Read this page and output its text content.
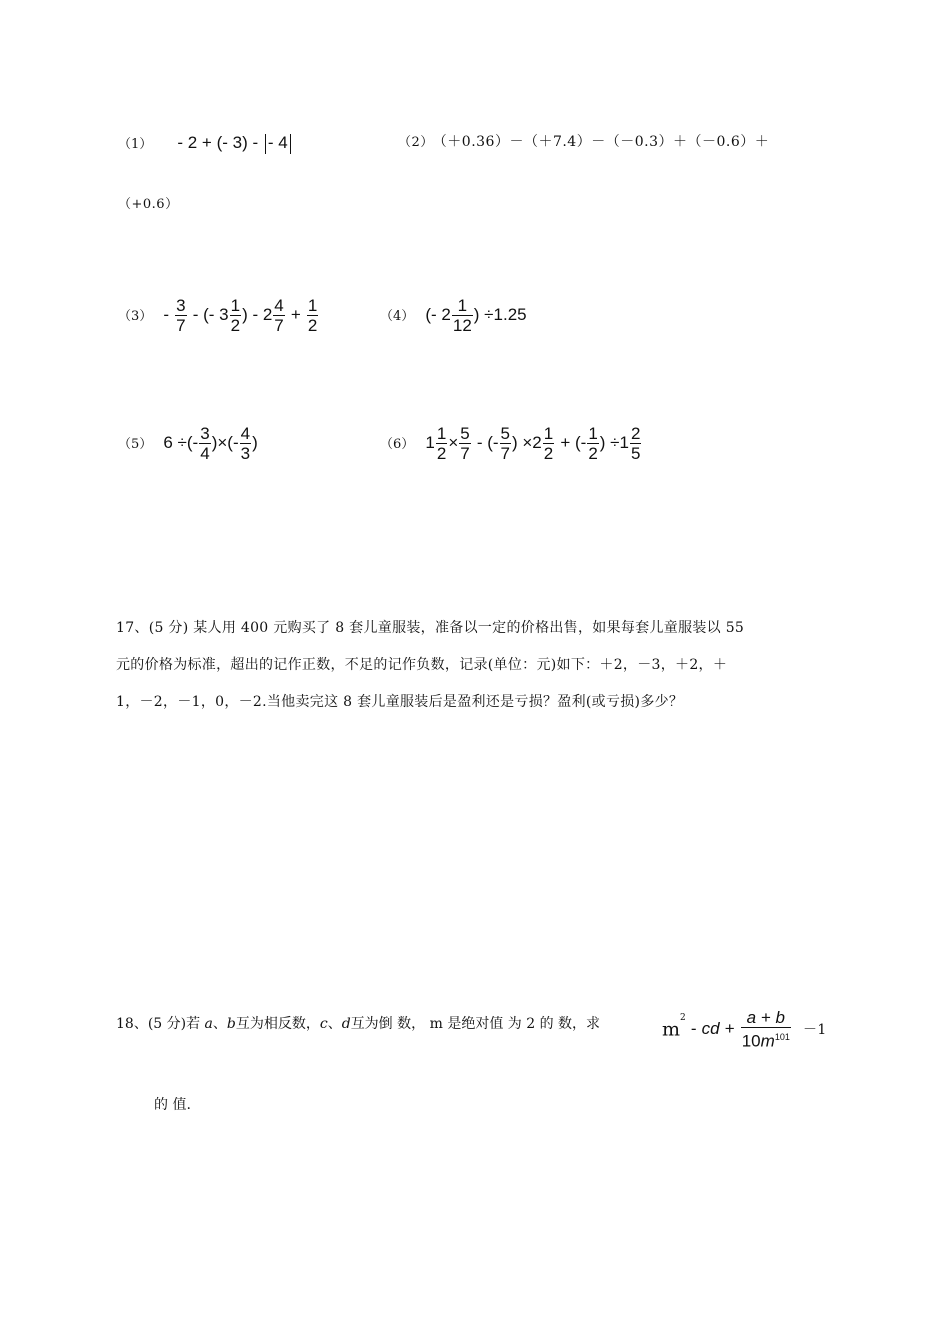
（1） - 2 + (- 3) - - 4	（2） （＋0.36）－（＋7.4）－（－0.3）＋（－0.6）＋
（+0.6）
$(3) - \frac{3}{7}$ - (- $3 \frac{1}{2}$ ) - $2 \frac{4}{7} + \frac{1}{2}$	（4） (- $2 \frac{1}{12}$ ) ÷1.25
（5） 6 ÷(- $\frac{3}{4}$ )×(- $\frac{4}{3}$ )	（6） $1 \frac{1}{2} \times \frac{5}{7}$ - (- $\frac{5}{7}$ ) $\times 2 \frac{1}{2}$ + (- $\frac{1}{2}$ ) $\div 1 \frac{2}{5}$
17、(5 分) 某人用 400 元购买了 8 套儿童服装，准备以一定的价格出售，如果每套儿童服装以 55
元的价格为标准，超出的记作正数，不足的记作负数，记录(单位：元)如下：＋2，－3，＋2，＋
1，－2，－1，0，－2.当他卖完这 8 套儿童服装后是盈利还是亏损？盈利(或亏损)多少？
18、(5 分)若 a、b互为相反数，c、d互为倒 数， m 是绝对值 为 2 的 数，求	$m^2$ - cd + $\frac{a + b}{10m^{101}} -1$
的 值.
